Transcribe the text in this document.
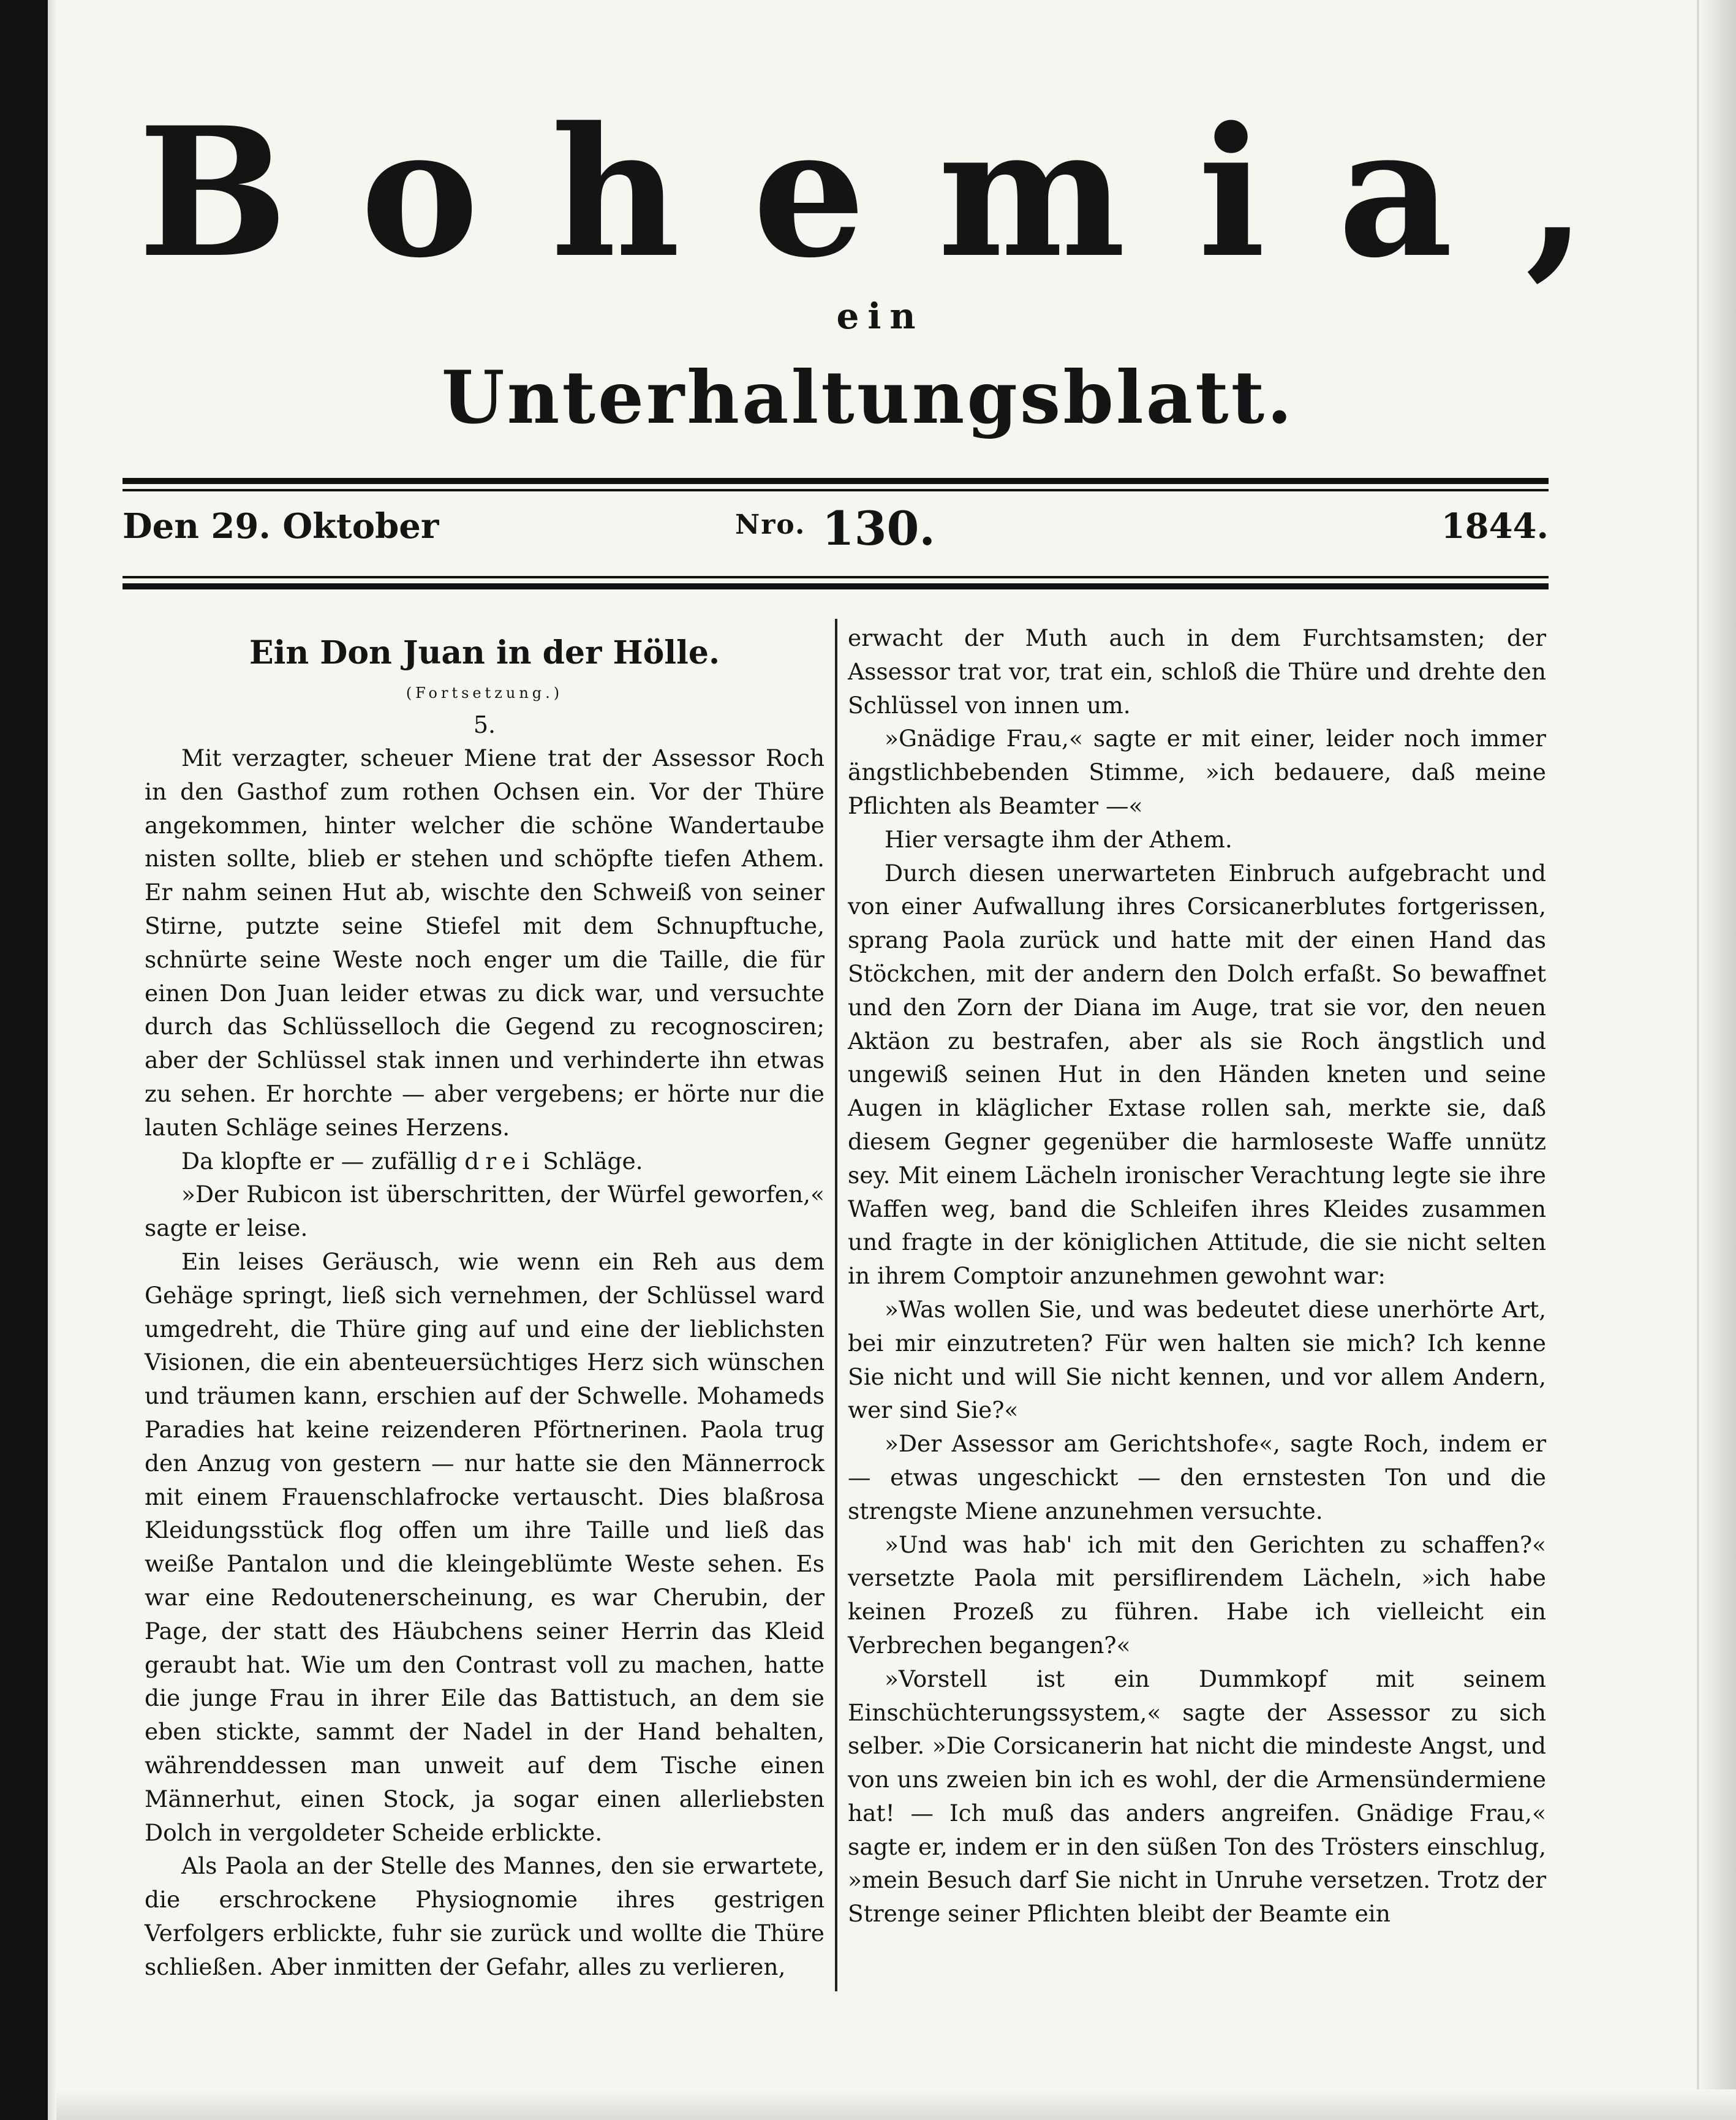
Bohemia,
ein
Unterhaltungsblatt.
Den 29. Oktober	$^{Nro.}$ 130.	1844.
Ein Don Juan in der Hölle.
(Fortsetzung.)
5.

Mit verzagter, scheuer Miene trat der Assessor Roch in den Gasthof zum rothen Ochsen ein. Vor der Thüre angekommen, hinter welcher die schöne Wandertaube nisten sollte, blieb er stehen und schöpfte tiefen Athem. Er nahm seinen Hut ab, wischte den Schweiß von seiner Stirne, putzte seine Stiefel mit dem Schnupftuche, schnürte seine Weste noch enger um die Taille, die für einen Don Juan leider etwas zu dick war, und versuchte durch das Schlüsselloch die Gegend zu recognosciren; aber der Schlüssel stak innen und verhinderte ihn etwas zu sehen. Er horchte — aber vergebens; er hörte nur die lauten Schläge seines Herzens.

Da klopfte er — zufällig drei Schläge.

»Der Rubicon ist überschritten, der Würfel geworfen,« sagte er leise.

Ein leises Geräusch, wie wenn ein Reh aus dem Gehäge springt, ließ sich vernehmen, der Schlüssel ward umgedreht, die Thüre ging auf und eine der lieblichsten Visionen, die ein abenteuersüchtiges Herz sich wünschen und träumen kann, erschien auf der Schwelle. Mohameds Paradies hat keine reizenderen Pförtnerinen. Paola trug den Anzug von gestern — nur hatte sie den Männerrock mit einem Frauenschlafrocke vertauscht. Dies blaßrosa Kleidungsstück flog offen um ihre Taille und ließ das weiße Pantalon und die kleingeblümte Weste sehen. Es war eine Redoutenerscheinung, es war Cherubin, der Page, der statt des Häubchens seiner Herrin das Kleid geraubt hat. Wie um den Contrast voll zu machen, hatte die junge Frau in ihrer Eile das Battistuch, an dem sie eben stickte, sammt der Nadel in der Hand behalten, währenddessen man unweit auf dem Tische einen Männerhut, einen Stock, ja sogar einen allerliebsten Dolch in vergoldeter Scheide erblickte.

Als Paola an der Stelle des Mannes, den sie erwartete, die erschrockene Physiognomie ihres gestrigen Verfolgers erblickte, fuhr sie zurück und wollte die Thüre schließen. Aber inmitten der Gefahr, alles zu verlieren,

erwacht der Muth auch in dem Furchtsamsten; der Assessor trat vor, trat ein, schloß die Thüre und drehte den Schlüssel von innen um.

»Gnädige Frau,« sagte er mit einer, leider noch immer ängstlichbebenden Stimme, »ich bedauere, daß meine Pflichten als Beamter —«

Hier versagte ihm der Athem.

Durch diesen unerwarteten Einbruch aufgebracht und von einer Aufwallung ihres Corsicanerblutes fortgerissen, sprang Paola zurück und hatte mit der einen Hand das Stöckchen, mit der andern den Dolch erfaßt. So bewaffnet und den Zorn der Diana im Auge, trat sie vor, den neuen Aktäon zu bestrafen, aber als sie Roch ängstlich und ungewiß seinen Hut in den Händen kneten und seine Augen in kläglicher Extase rollen sah, merkte sie, daß diesem Gegner gegenüber die harmloseste Waffe unnütz sey. Mit einem Lächeln ironischer Verachtung legte sie ihre Waffen weg, band die Schleifen ihres Kleides zusammen und fragte in der königlichen Attitude, die sie nicht selten in ihrem Comptoir anzunehmen gewohnt war:

»Was wollen Sie, und was bedeutet diese unerhörte Art, bei mir einzutreten? Für wen halten sie mich? Ich kenne Sie nicht und will Sie nicht kennen, und vor allem Andern, wer sind Sie?«

»Der Assessor am Gerichtshofe«, sagte Roch, indem er — etwas ungeschickt — den ernstesten Ton und die strengste Miene anzunehmen versuchte.

»Und was hab' ich mit den Gerichten zu schaffen?« versetzte Paola mit persiflirendem Lächeln, »ich habe keinen Prozeß zu führen. Habe ich vielleicht ein Verbrechen begangen?«

»Vorstell ist ein Dummkopf mit seinem Einschüchterungssystem,« sagte der Assessor zu sich selber. »Die Corsicanerin hat nicht die mindeste Angst, und von uns zweien bin ich es wohl, der die Armensündermiene hat! — Ich muß das anders angreifen. Gnädige Frau,« sagte er, indem er in den süßen Ton des Trösters einschlug, »mein Besuch darf Sie nicht in Unruhe versetzen. Trotz der Strenge seiner Pflichten bleibt der Beamte ein
